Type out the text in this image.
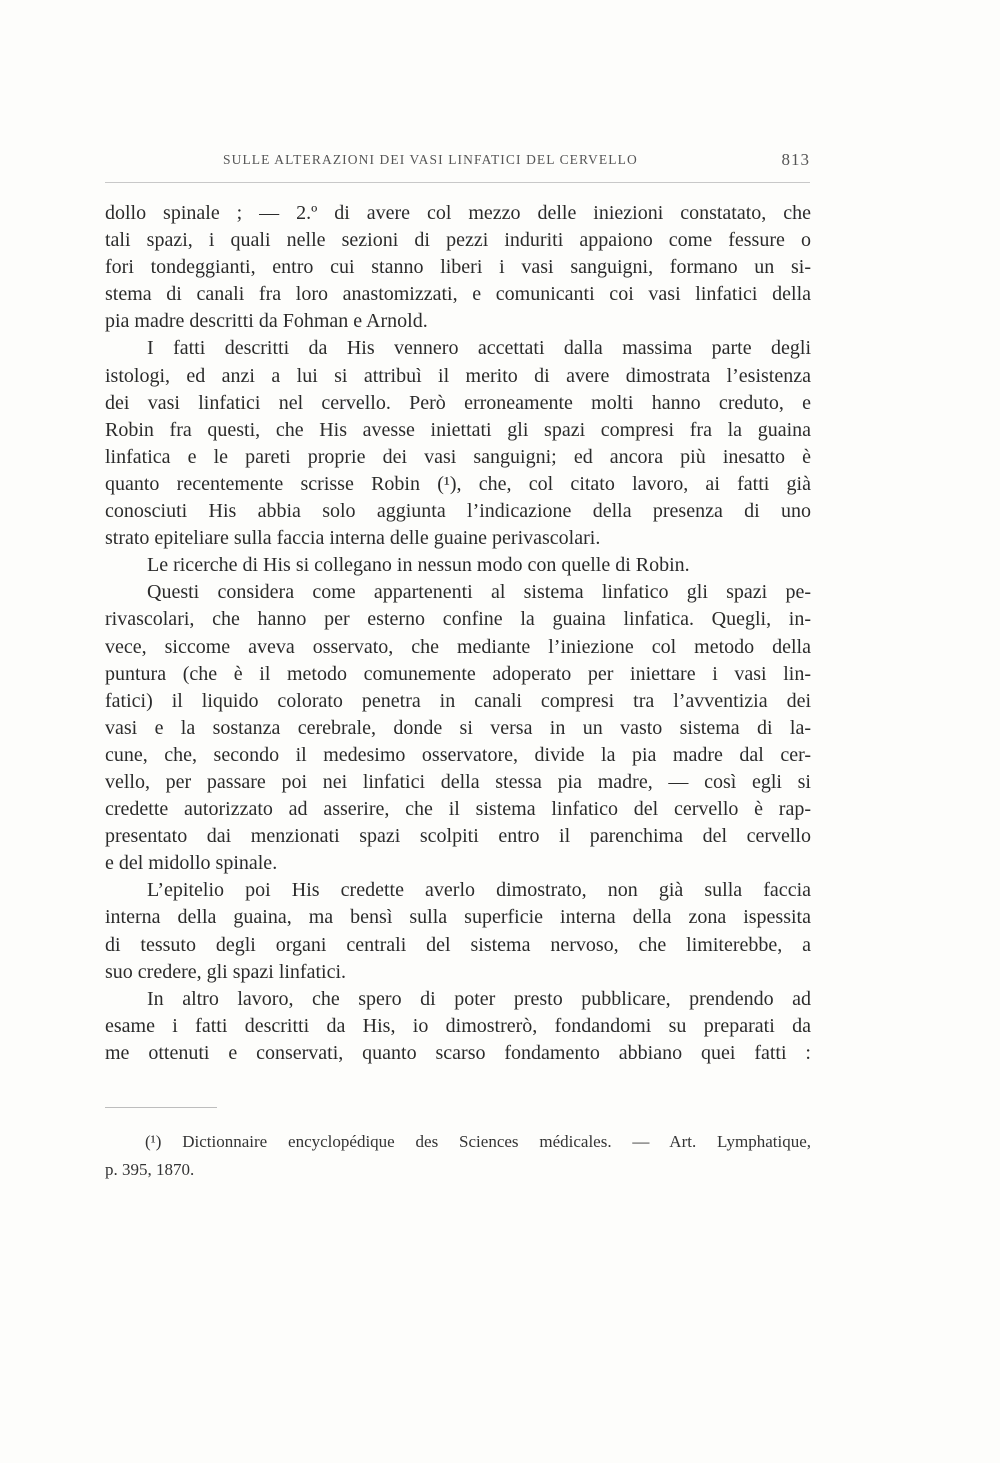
SULLE ALTERAZIONI DEI VASI LINFATICI DEL CERVELLO	813
dollo spinale ; — 2.º di avere col mezzo delle iniezioni constatato, che
tali spazi, i quali nelle sezioni di pezzi induriti appaiono come fessure o
fori tondeggianti, entro cui stanno liberi i vasi sanguigni, formano un si-
stema di canali fra loro anastomizzati, e comunicanti coi vasi linfatici della
pia madre descritti da Fohman e Arnold.
I fatti descritti da His vennero accettati dalla massima parte degli
istologi, ed anzi a lui si attribuì il merito di avere dimostrata l’esistenza
dei vasi linfatici nel cervello. Però erroneamente molti hanno creduto, e
Robin fra questi, che His avesse iniettati gli spazi compresi fra la guaina
linfatica e le pareti proprie dei vasi sanguigni; ed ancora più inesatto è
quanto recentemente scrisse Robin (¹), che, col citato lavoro, ai fatti già
conosciuti His abbia solo aggiunta l’indicazione della presenza di uno
strato epiteliare sulla faccia interna delle guaine perivascolari.
Le ricerche di His si collegano in nessun modo con quelle di Robin.
Questi considera come appartenenti al sistema linfatico gli spazi pe-
rivascolari, che hanno per esterno confine la guaina linfatica. Quegli, in-
vece, siccome aveva osservato, che mediante l’iniezione col metodo della
puntura (che è il metodo comunemente adoperato per iniettare i vasi lin-
fatici) il liquido colorato penetra in canali compresi tra l’avventizia dei
vasi e la sostanza cerebrale, donde si versa in un vasto sistema di la-
cune, che, secondo il medesimo osservatore, divide la pia madre dal cer-
vello, per passare poi nei linfatici della stessa pia madre, — così egli si
credette autorizzato ad asserire, che il sistema linfatico del cervello è rap-
presentato dai menzionati spazi scolpiti entro il parenchima del cervello
e del midollo spinale.
L’epitelio poi His credette averlo dimostrato, non già sulla faccia
interna della guaina, ma bensì sulla superficie interna della zona ispessita
di tessuto degli organi centrali del sistema nervoso, che limiterebbe, a
suo credere, gli spazi linfatici.
In altro lavoro, che spero di poter presto pubblicare, prendendo ad
esame i fatti descritti da His, io dimostrerò, fondandomi su preparati da
me ottenuti e conservati, quanto scarso fondamento abbiano quei fatti :
(¹) Dictionnaire encyclopédique des Sciences médicales. — Art. Lymphatique,
p. 395, 1870.
